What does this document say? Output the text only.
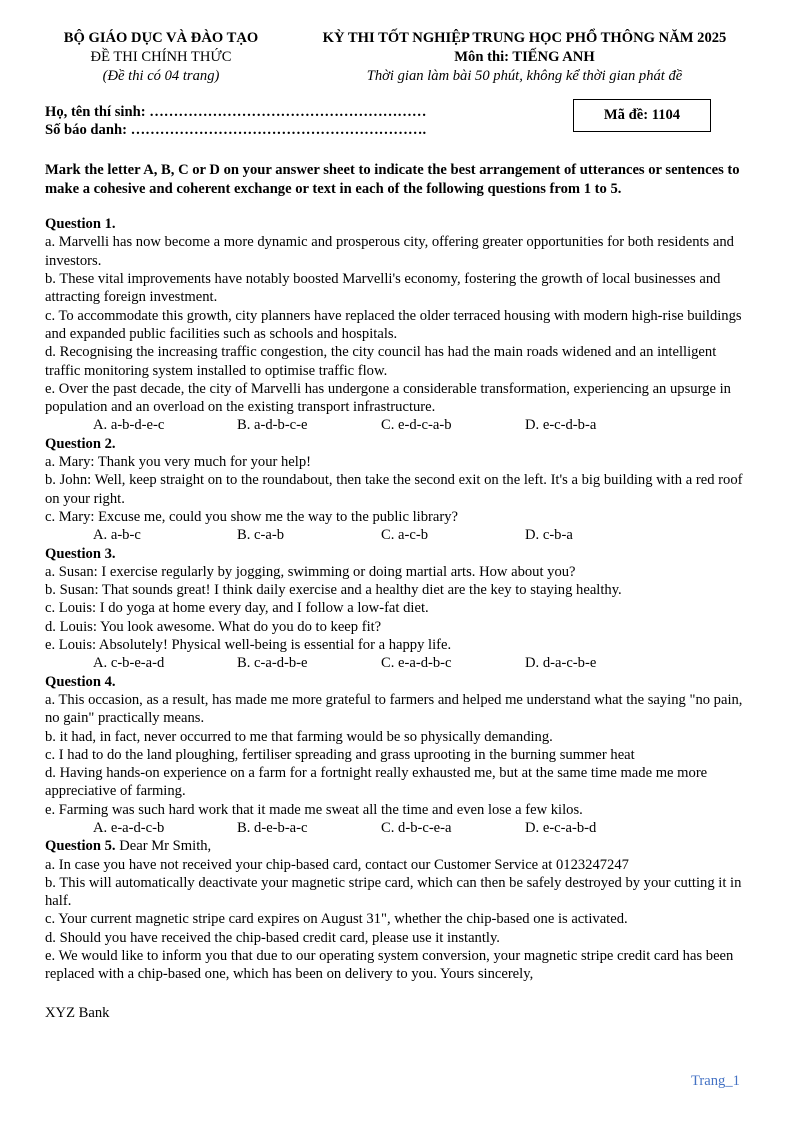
BỘ GIÁO DỤC VÀ ĐÀO TẠO
ĐỀ THI CHÍNH THỨC
(Đề thi có 04 trang)
KỲ THI TỐT NGHIỆP TRUNG HỌC PHỔ THÔNG NĂM 2025
Môn thi: TIẾNG ANH
Thời gian làm bài 50 phút, không kể thời gian phát đề
Họ, tên thí sinh: …………………………………………………
Số báo danh: …………………………………………………….
Mã đề: 1104
Mark the letter A, B, C or D on your answer sheet to indicate the best arrangement of utterances or sentences to make a cohesive and coherent exchange or text in each of the following questions from 1 to 5.
Question 1.
a. Marvelli has now become a more dynamic and prosperous city, offering greater opportunities for both residents and investors.
b. These vital improvements have notably boosted Marvelli's economy, fostering the growth of local businesses and attracting foreign investment.
c. To accommodate this growth, city planners have replaced the older terraced housing with modern high-rise buildings and expanded public facilities such as schools and hospitals.
d. Recognising the increasing traffic congestion, the city council has had the main roads widened and an intelligent traffic monitoring system installed to optimise traffic flow.
e. Over the past decade, the city of Marvelli has undergone a considerable transformation, experiencing an upsurge in population and an overload on the existing transport infrastructure.
A. a-b-d-e-c	B. a-d-b-c-e	C. e-d-c-a-b	D. e-c-d-b-a
Question 2.
a. Mary: Thank you very much for your help!
b. John: Well, keep straight on to the roundabout, then take the second exit on the left. It's a big building with a red roof on your right.
c. Mary: Excuse me, could you show me the way to the public library?
A. a-b-c	B. c-a-b	C. a-c-b	D. c-b-a
Question 3.
a. Susan: I exercise regularly by jogging, swimming or doing martial arts. How about you?
b. Susan: That sounds great! I think daily exercise and a healthy diet are the key to staying healthy.
c. Louis: I do yoga at home every day, and I follow a low-fat diet.
d. Louis: You look awesome. What do you do to keep fit?
e. Louis: Absolutely! Physical well-being is essential for a happy life.
A. c-b-e-a-d	B. c-a-d-b-e	C. e-a-d-b-c	D. d-a-c-b-e
Question 4.
a. This occasion, as a result, has made me more grateful to farmers and helped me understand what the saying "no pain, no gain" practically means.
b. it had, in fact, never occurred to me that farming would be so physically demanding.
c. I had to do the land ploughing, fertiliser spreading and grass uprooting in the burning summer heat
d. Having hands-on experience on a farm for a fortnight really exhausted me, but at the same time made me more appreciative of farming.
e. Farming was such hard work that it made me sweat all the time and even lose a few kilos.
A. e-a-d-c-b	B. d-e-b-a-c	C. d-b-c-e-a	D. e-c-a-b-d
Question 5. Dear Mr Smith,
a. In case you have not received your chip-based card, contact our Customer Service at 0123247247
b. This will automatically deactivate your magnetic stripe card, which can then be safely destroyed by your cutting it in half.
c. Your current magnetic stripe card expires on August 31", whether the chip-based one is activated.
d. Should you have received the chip-based credit card, please use it instantly.
e. We would like to inform you that due to our operating system conversion, your magnetic stripe credit card has been replaced with a chip-based one, which has been on delivery to you. Yours sincerely,
XYZ Bank
Trang_1
